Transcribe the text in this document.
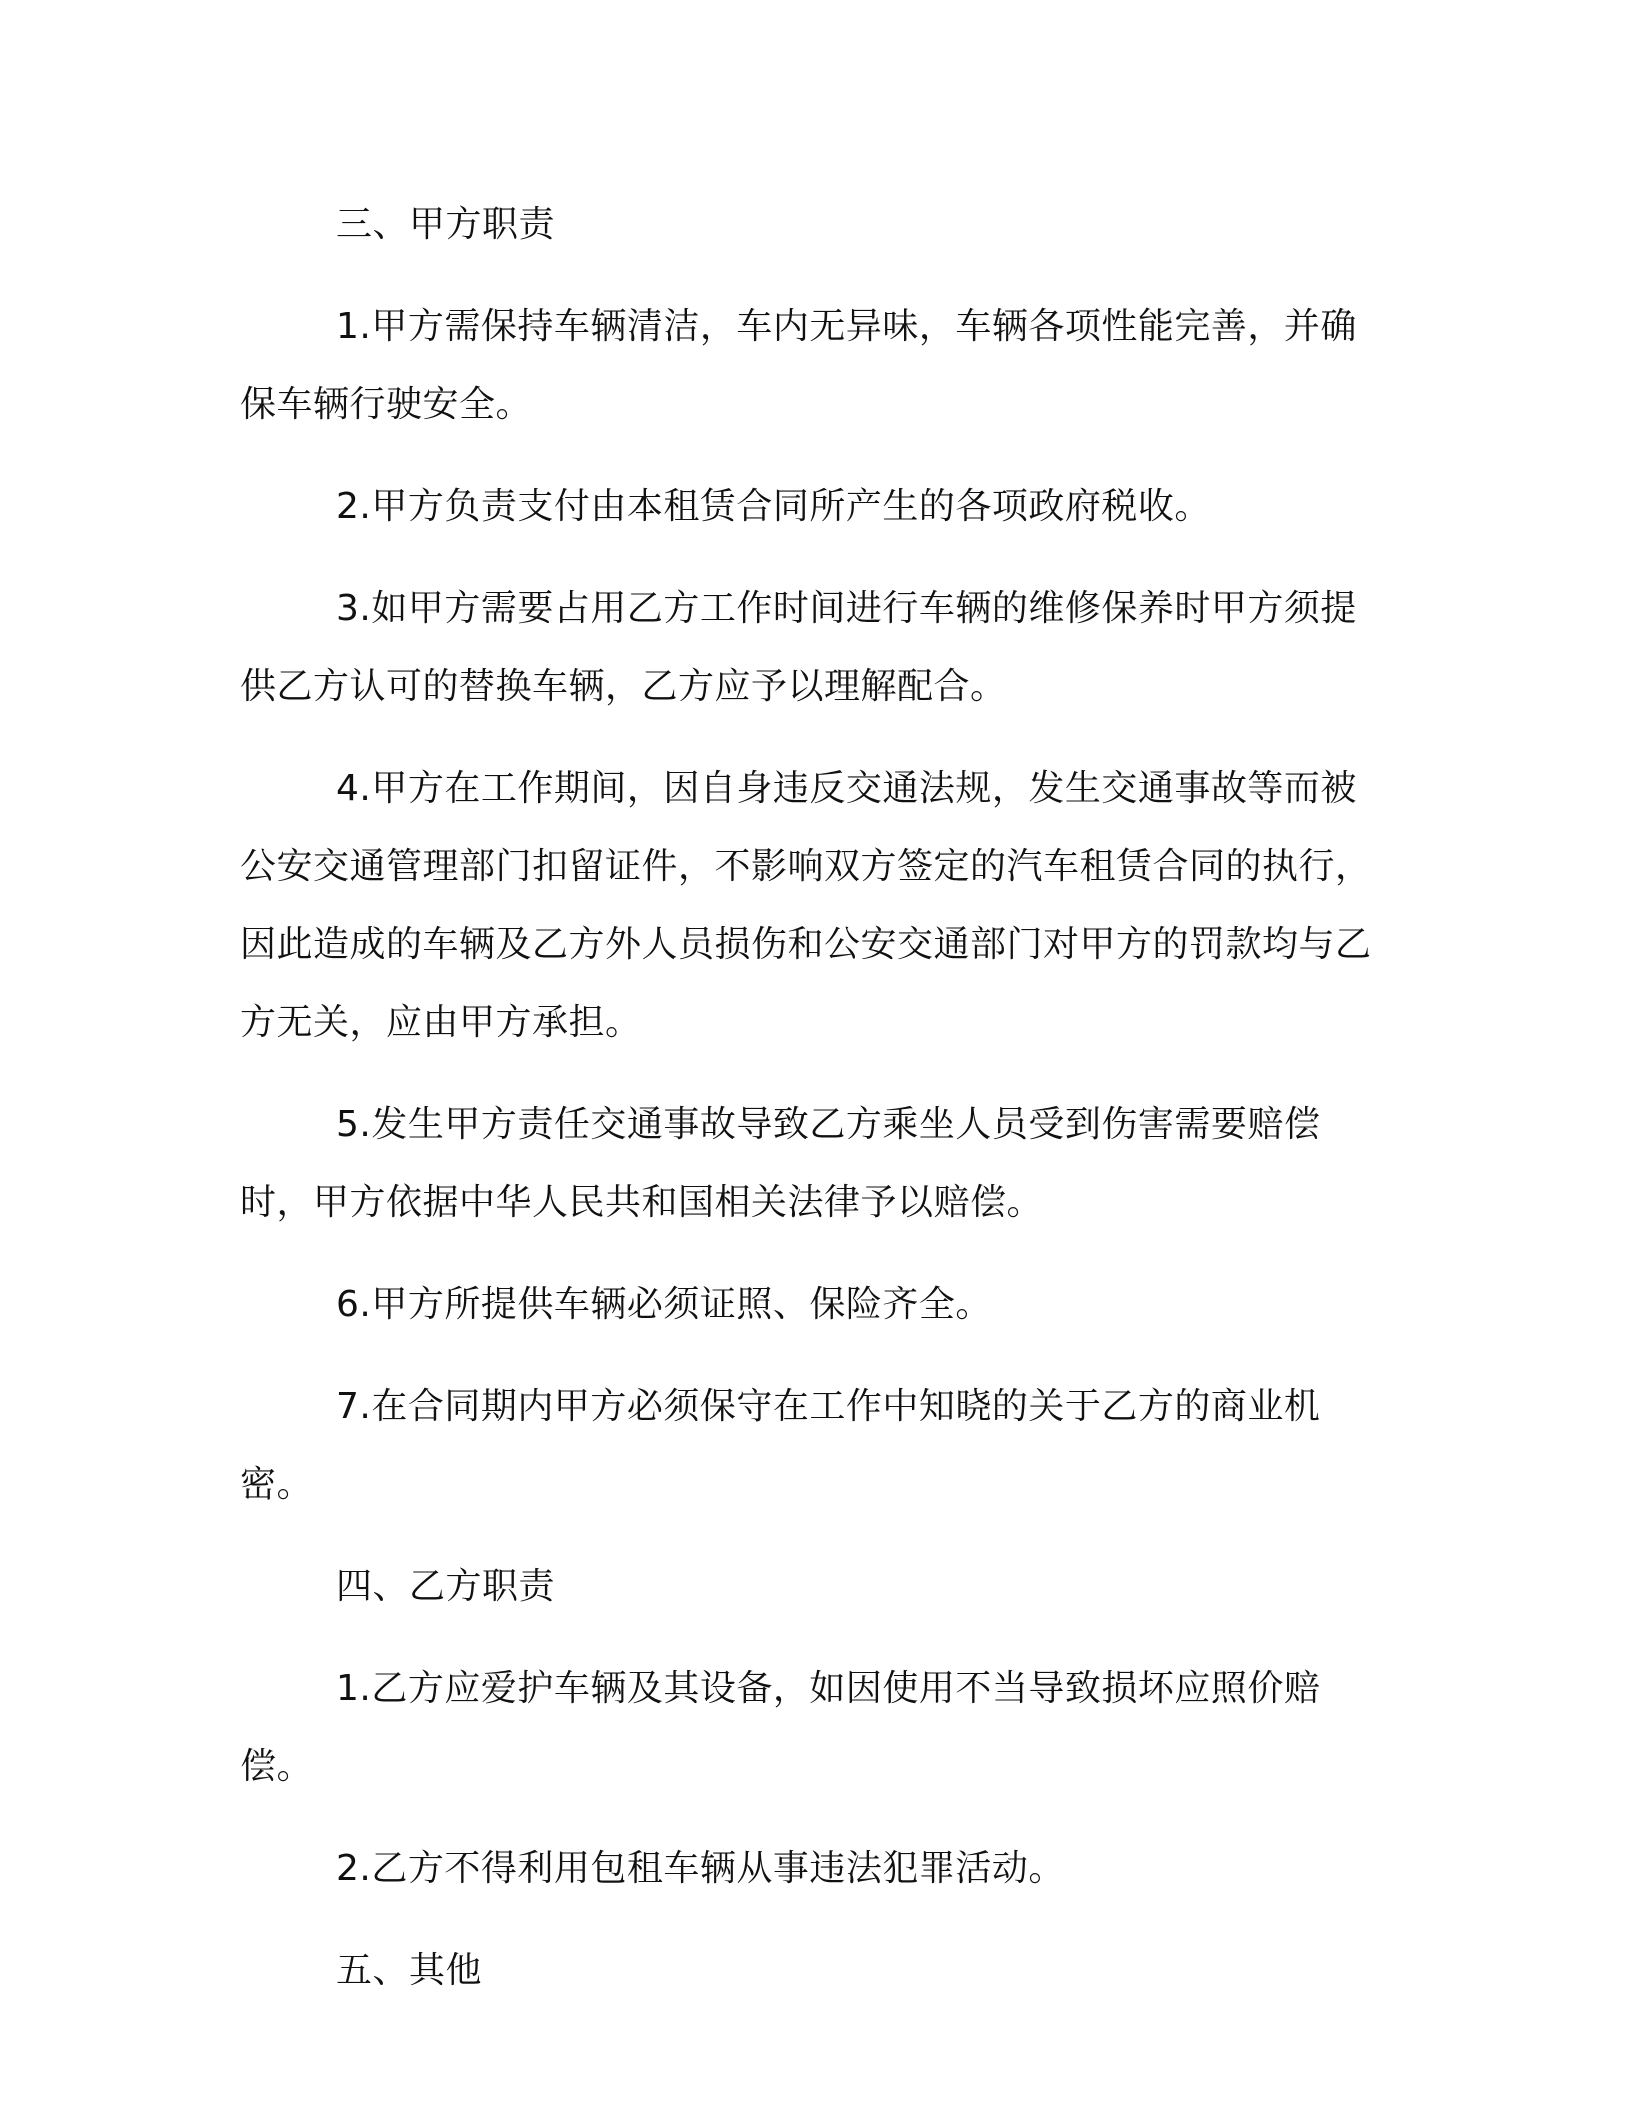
三、甲方职责

1.甲方需保持车辆清洁，车内无异味，车辆各项性能完善，并确保车辆行驶安全。

2.甲方负责支付由本租赁合同所产生的各项政府税收。

3.如甲方需要占用乙方工作时间进行车辆的维修保养时甲方须提供乙方认可的替换车辆，乙方应予以理解配合。

4.甲方在工作期间，因自身违反交通法规，发生交通事故等而被公安交通管理部门扣留证件，不影响双方签定的汽车租赁合同的执行，因此造成的车辆及乙方外人员损伤和公安交通部门对甲方的罚款均与乙方无关，应由甲方承担。

5.发生甲方责任交通事故导致乙方乘坐人员受到伤害需要赔偿时，甲方依据中华人民共和国相关法律予以赔偿。

6.甲方所提供车辆必须证照、保险齐全。

7.在合同期内甲方必须保守在工作中知晓的关于乙方的商业机密。

四、乙方职责

1.乙方应爱护车辆及其设备，如因使用不当导致损坏应照价赔偿。

2.乙方不得利用包租车辆从事违法犯罪活动。

五、其他
